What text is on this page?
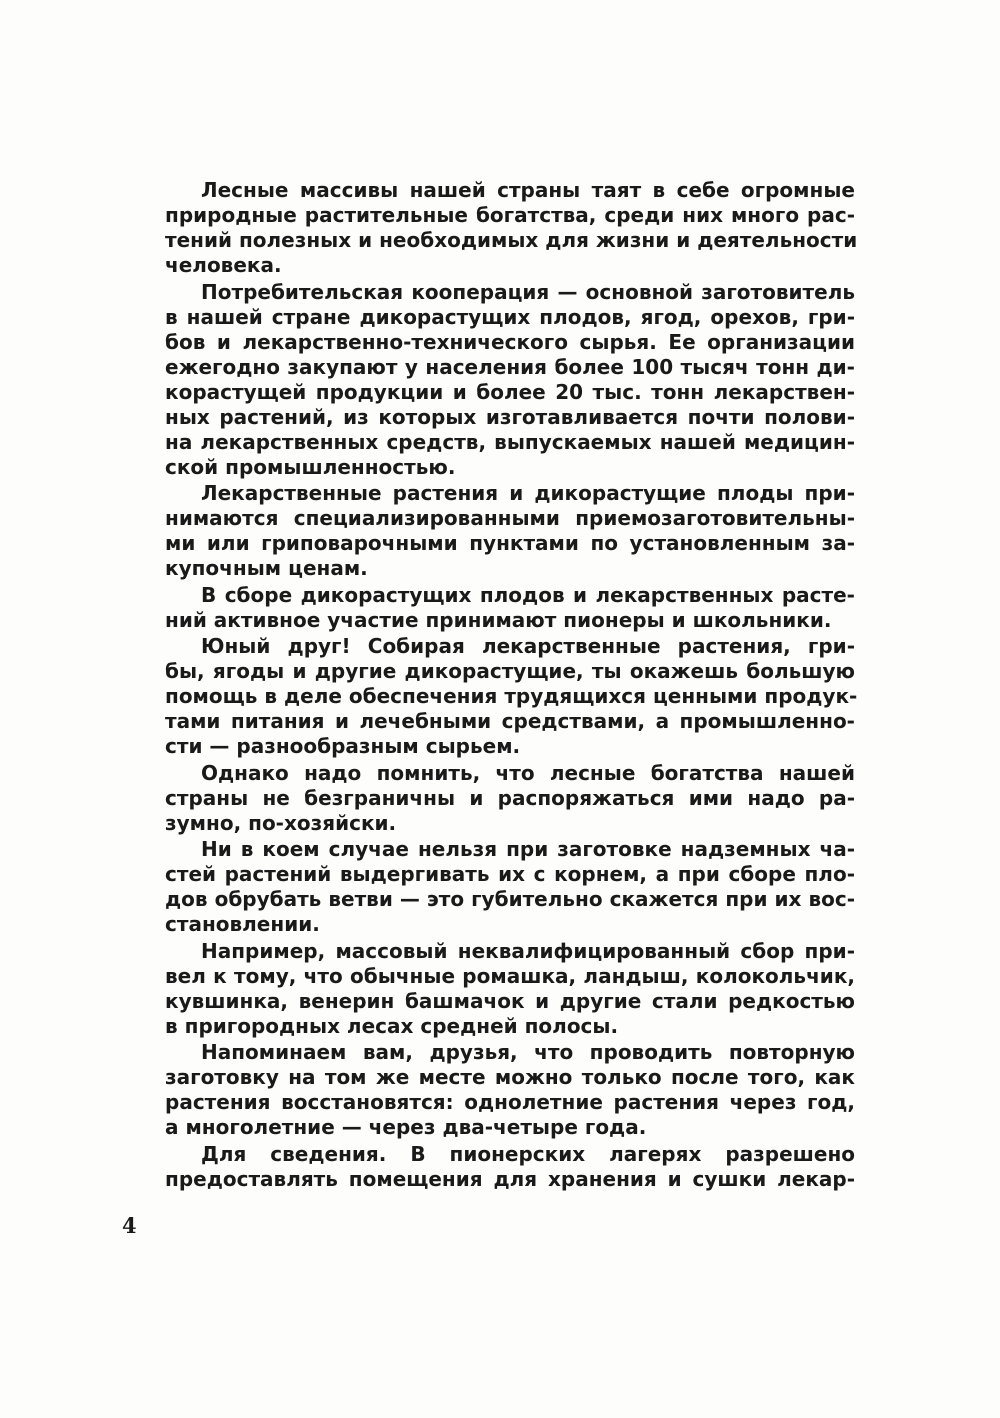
Лесные массивы нашей страны таят в себе огромные
природные растительные богатства, среди них много рас-
тений полезных и необходимых для жизни и деятельности
человека.
Потребительская кооперация — основной заготовитель
в нашей стране дикорастущих плодов, ягод, орехов, гри-
бов и лекарственно-технического сырья. Ее организации
ежегодно закупают у населения более 100 тысяч тонн ди-
корастущей продукции и более 20 тыс. тонн лекарствен-
ных растений, из которых изготавливается почти полови-
на лекарственных средств, выпускаемых нашей медицин-
ской промышленностью.
Лекарственные растения и дикорастущие плоды при-
нимаются специализированными приемозаготовительны-
ми или гриповарочными пунктами по установленным за-
купочным ценам.
В сборе дикорастущих плодов и лекарственных расте-
ний активное участие принимают пионеры и школьники.
Юный друг! Собирая лекарственные растения, гри-
бы, ягоды и другие дикорастущие, ты окажешь большую
помощь в деле обеспечения трудящихся ценными продук-
тами питания и лечебными средствами, а промышленно-
сти — разнообразным сырьем.
Однако надо помнить, что лесные богатства нашей
страны не безграничны и распоряжаться ими надо ра-
зумно, по-хозяйски.
Ни в коем случае нельзя при заготовке надземных ча-
стей растений выдергивать их с корнем, а при сборе пло-
дов обрубать ветви — это губительно скажется при их вос-
становлении.
Например, массовый неквалифицированный сбор при-
вел к тому, что обычные ромашка, ландыш, колокольчик,
кувшинка, венерин башмачок и другие стали редкостью
в пригородных лесах средней полосы.
Напоминаем вам, друзья, что проводить повторную
заготовку на том же месте можно только после того, как
растения восстановятся: однолетние растения через год,
а многолетние — через два-четыре года.
Для сведения. В пионерских лагерях разрешено
предоставлять помещения для хранения и сушки лекар-
4
